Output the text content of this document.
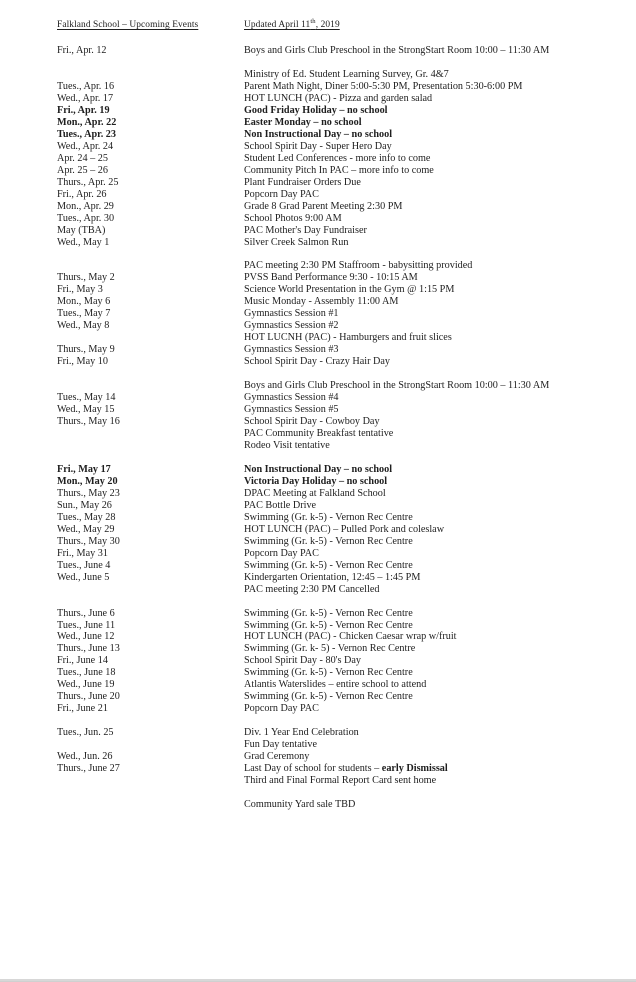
Falkland School – Upcoming Events	Updated April 11th, 2019
Fri., Apr. 12	Boys and Girls Club Preschool in the StrongStart Room 10:00 – 11:30 AM
Ministry of Ed. Student Learning Survey, Gr. 4&7
Tues., Apr. 16	Parent Math Night, Diner 5:00-5:30 PM, Presentation 5:30-6:00 PM
Wed., Apr. 17	HOT LUNCH (PAC) - Pizza and garden salad
Fri., Apr. 19	Good Friday Holiday – no school
Mon., Apr. 22	Easter Monday – no school
Tues., Apr. 23	Non Instructional Day – no school
Wed., Apr. 24	School Spirit Day - Super Hero Day
Apr. 24 – 25	Student Led Conferences - more info to come
Apr. 25 – 26	Community Pitch In PAC – more info to come
Thurs., Apr. 25	Plant Fundraiser Orders Due
Fri., Apr. 26	Popcorn Day PAC
Mon., Apr. 29	Grade 8 Grad Parent Meeting 2:30 PM
Tues., Apr. 30	School Photos 9:00 AM
May (TBA)	PAC Mother's Day Fundraiser
Wed., May 1	Silver Creek Salmon Run
PAC meeting 2:30 PM Staffroom - babysitting provided
Thurs., May 2	PVSS Band Performance 9:30 - 10:15 AM
Fri., May 3	Science World Presentation in the Gym @ 1:15 PM
Mon., May 6	Music Monday - Assembly 11:00 AM
Tues., May 7	Gymnastics Session #1
Wed., May 8	Gymnastics Session #2
HOT LUCNH (PAC) - Hamburgers and fruit slices
Thurs., May 9	Gymnastics Session #3
Fri., May 10	School Spirit Day - Crazy Hair Day
Boys and Girls Club Preschool in the StrongStart Room 10:00 – 11:30 AM
Tues., May 14	Gymnastics Session #4
Wed., May 15	Gymnastics Session #5
Thurs., May 16	School Spirit Day - Cowboy Day
PAC Community Breakfast tentative
Rodeo Visit tentative
Fri., May 17	Non Instructional Day – no school
Mon., May 20	Victoria Day Holiday – no school
Thurs., May 23	DPAC Meeting at Falkland School
Sun., May 26	PAC Bottle Drive
Tues., May 28	Swimming (Gr. k-5) - Vernon Rec Centre
Wed., May 29	HOT LUNCH (PAC) – Pulled Pork and coleslaw
Thurs., May 30	Swimming (Gr. k-5) - Vernon Rec Centre
Fri., May 31	Popcorn Day PAC
Tues., June 4	Swimming (Gr. k-5) - Vernon Rec Centre
Wed., June 5	Kindergarten Orientation, 12:45 – 1:45 PM
PAC meeting 2:30 PM Cancelled
Thurs., June 6	Swimming (Gr. k-5) - Vernon Rec Centre
Tues., June 11	Swimming (Gr. k-5) - Vernon Rec Centre
Wed., June 12	HOT LUNCH (PAC) - Chicken Caesar wrap w/fruit
Thurs., June 13	Swimming (Gr. k- 5) - Vernon Rec Centre
Fri., June 14	School Spirit Day - 80's Day
Tues., June 18	Swimming (Gr. k-5) - Vernon Rec Centre
Wed., June 19	Atlantis Waterslides – entire school to attend
Thurs., June 20	Swimming (Gr. k-5) - Vernon Rec Centre
Fri., June 21	Popcorn Day PAC
Tues., Jun. 25	Div. 1 Year End Celebration
Fun Day tentative
Wed., Jun. 26	Grad Ceremony
Thurs., June 27	Last Day of school for students – early Dismissal
Third and Final Formal Report Card sent home
Community Yard sale TBD
